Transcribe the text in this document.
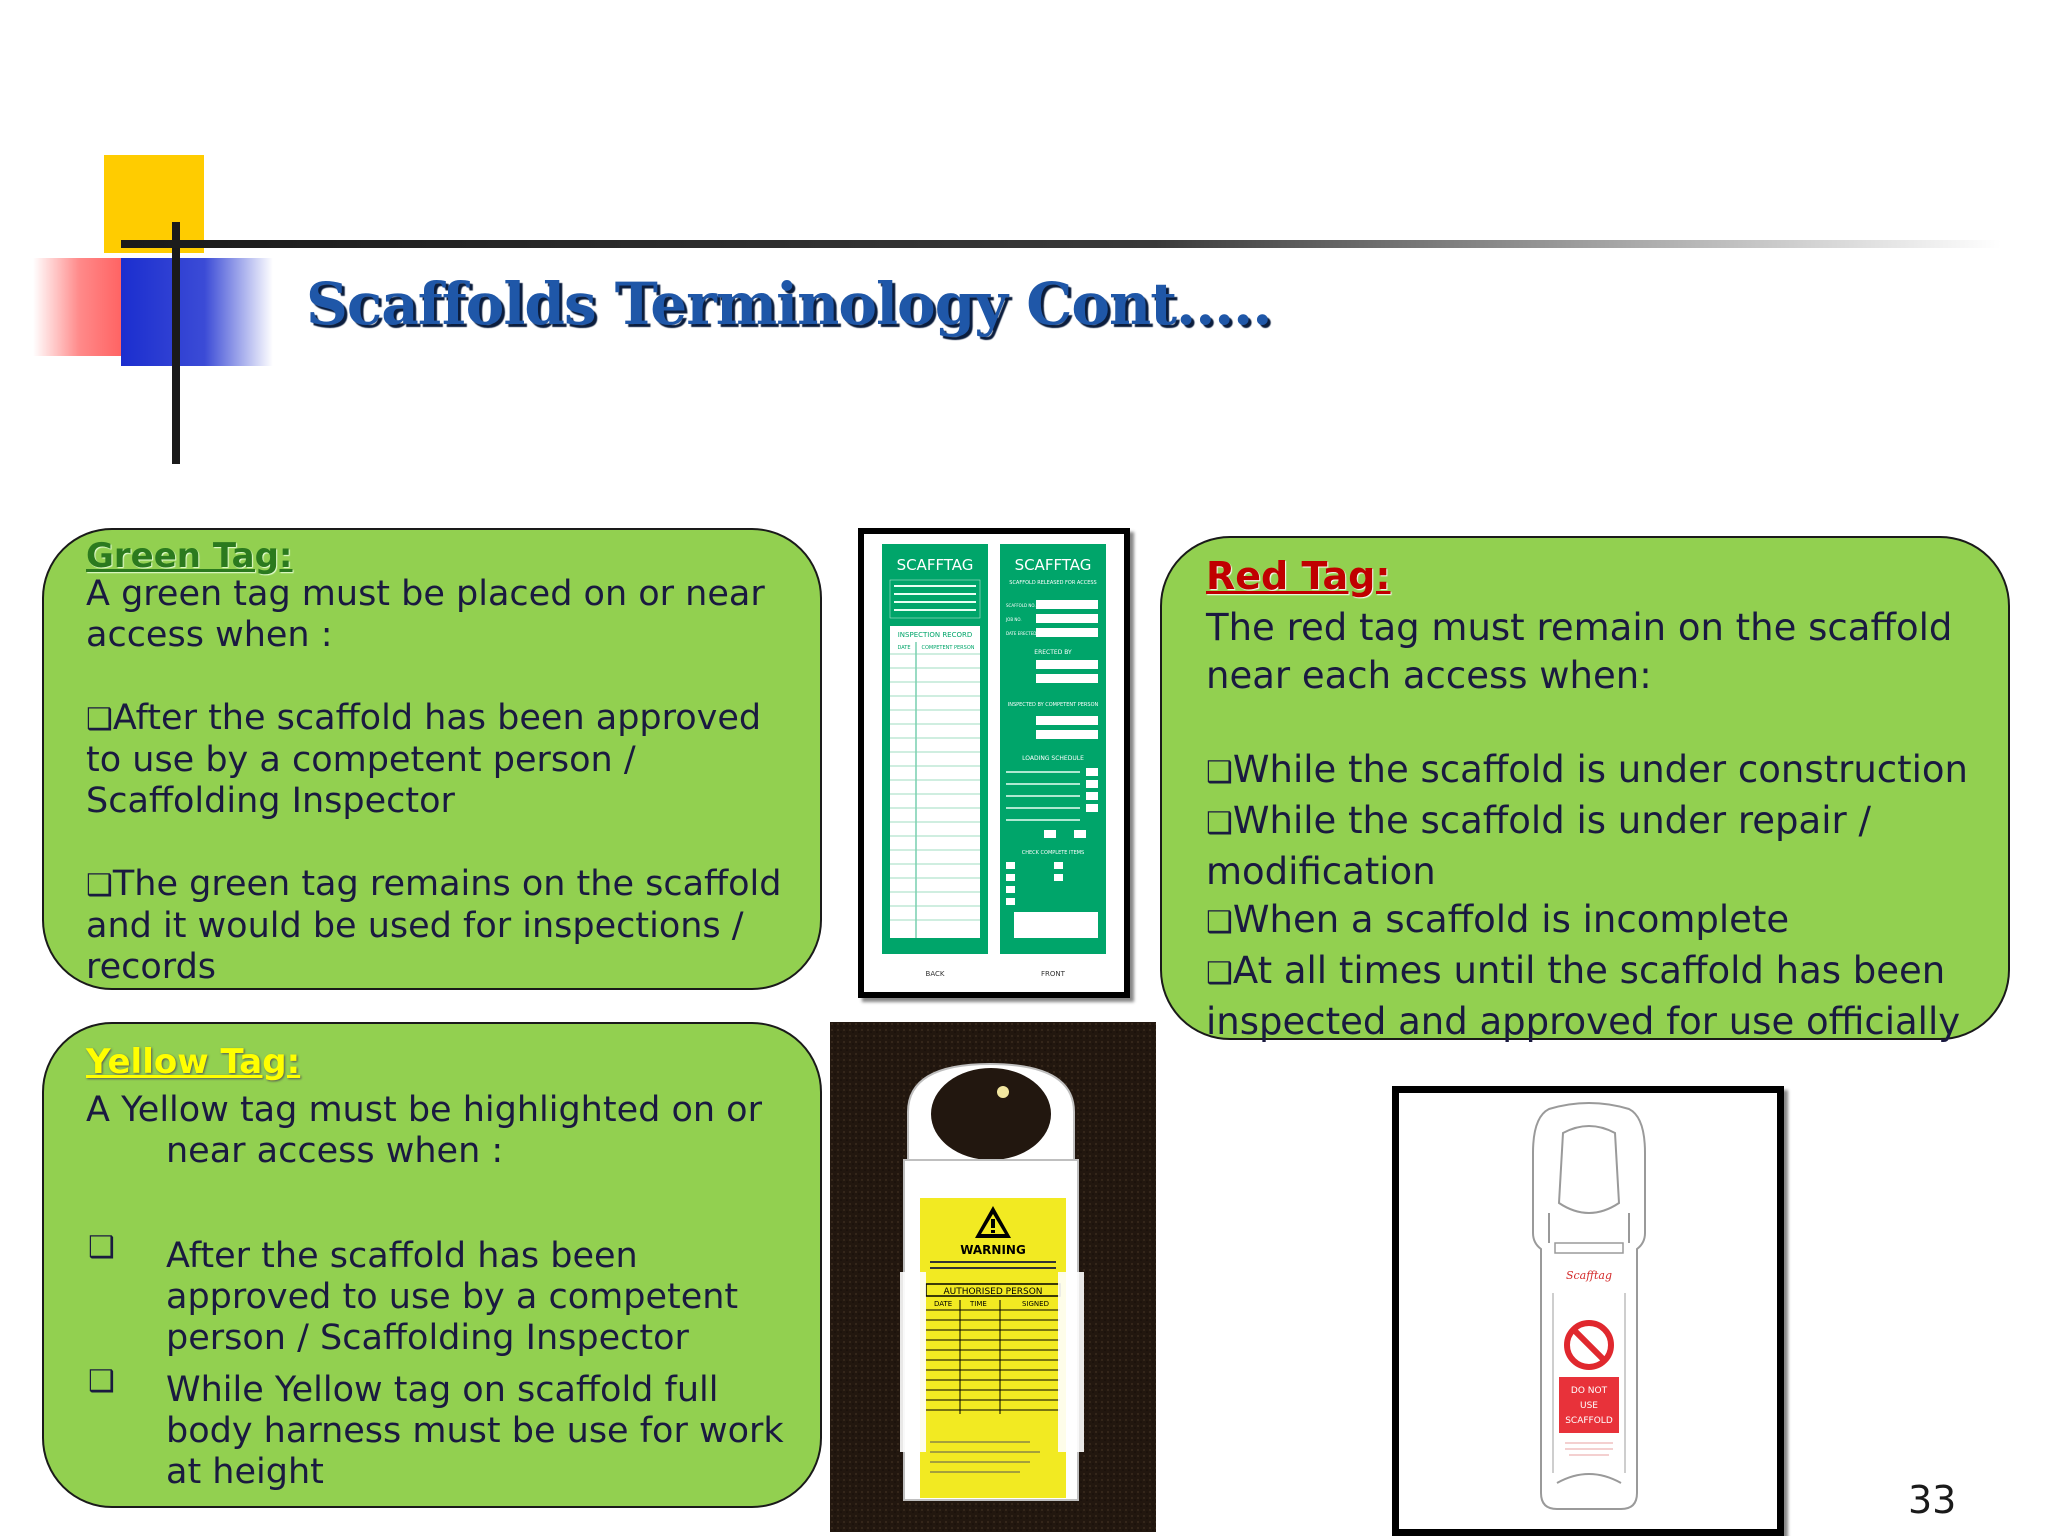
Scaffolds Terminology Cont.….

Green Tag:

A green tag must be placed on or near access when :

❑After the scaffold has been approved to use by a competent person / Scaffolding Inspector
❑The green tag remains on the scaffold and it would be used for inspections / records

Yellow Tag:

A Yellow tag must be highlighted on or

near access when :

❑ After the scaffold has been approved to use by a competent person / Scaffolding Inspector

❑ While Yellow tag on scaffold full body harness must be use for work at height

Red Tag:

The red tag must remain on the scaffold near each access when:

❑While the scaffold is under construction
❑While the scaffold is under repair / modification
❑When a scaffold is incomplete
❑At all times until the scaffold has been inspected and approved for use officially
SCAFFTAG
INSPECTION RECORD
DATE COMPETENT PERSON
BACK
SCAFFTAG
SCAFFOLD RELEASED FOR ACCESS
SCAFFOLD NO.
JOB NO.
DATE ERECTED
ERECTED BY
INSPECTED BY COMPETENT PERSON
LOADING SCHEDULE
CHECK COMPLETE ITEMS
FRONT
WARNING
AUTHORISED PERSON
DATE	TIME	SIGNED
Scafftag
DO NOT
USE
SCAFFOLD
33
